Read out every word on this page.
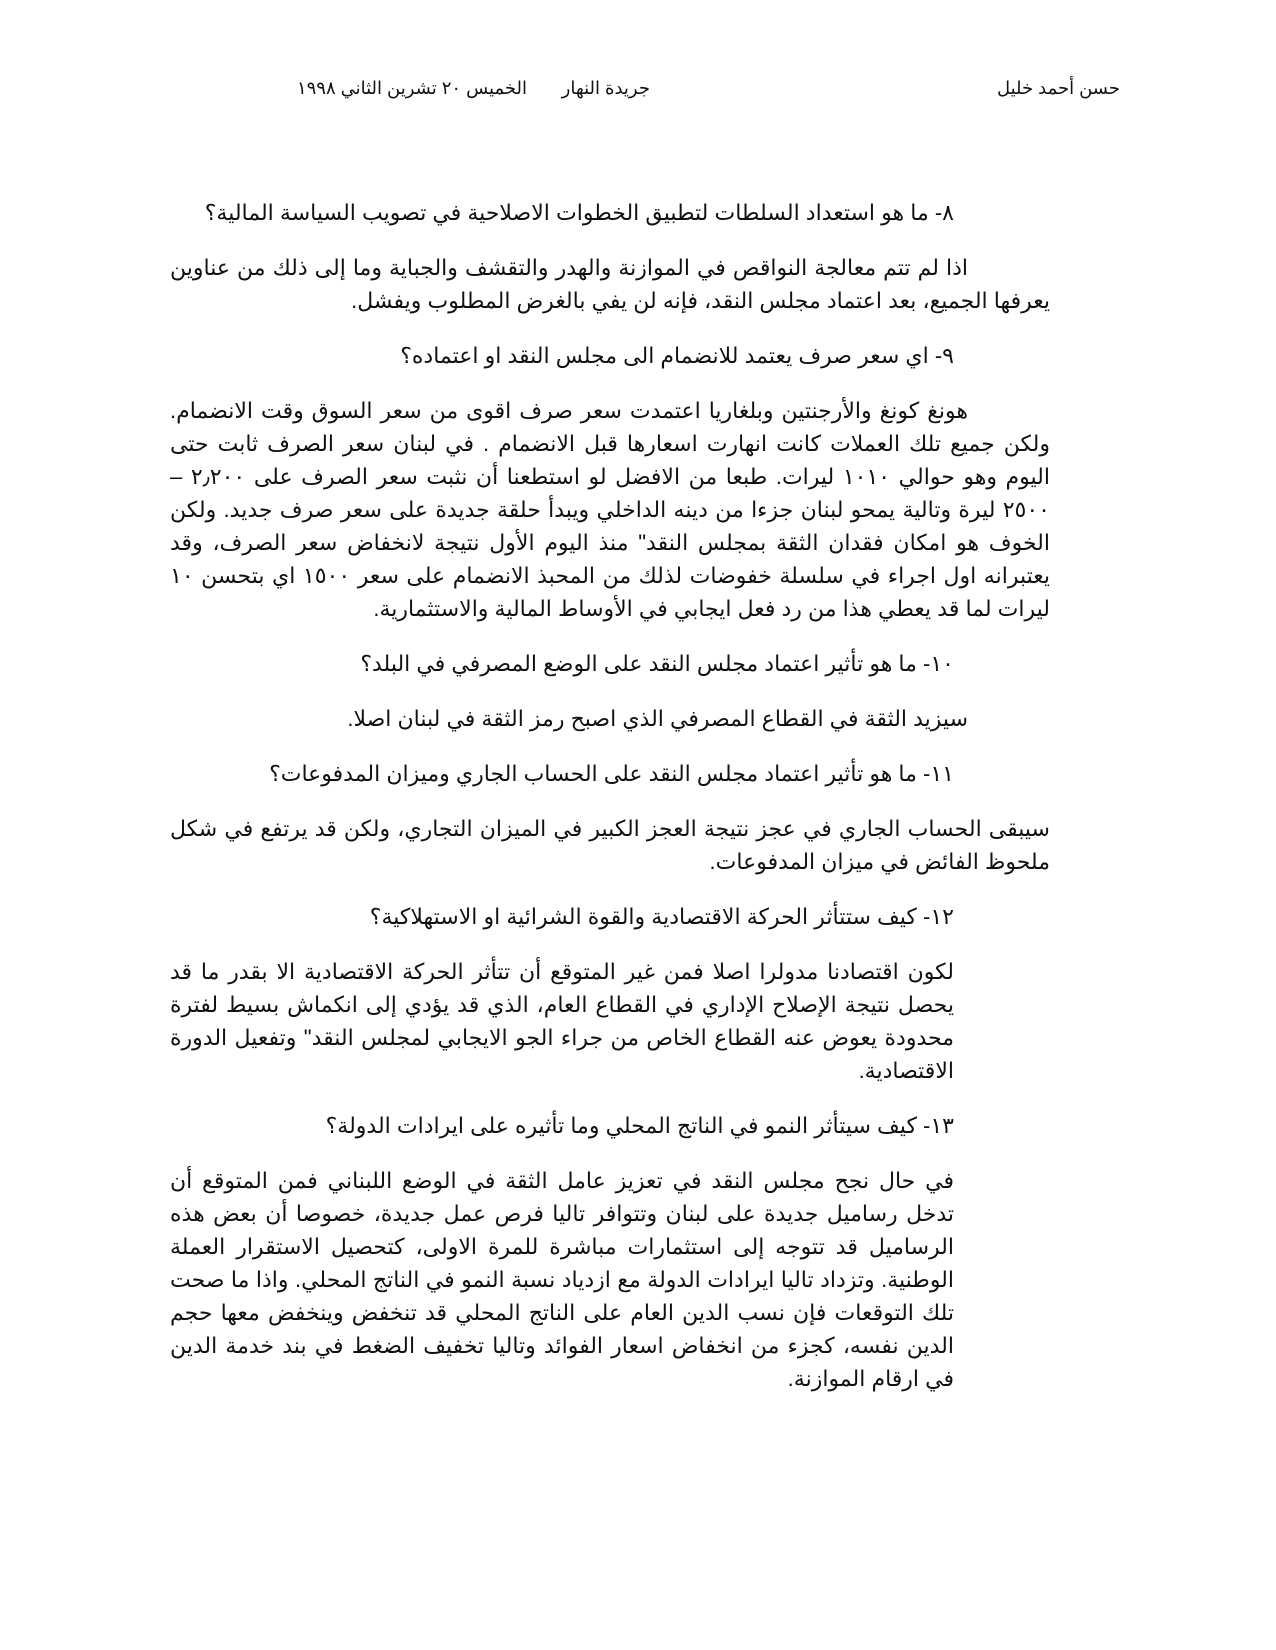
حسن أحمد خليل
جريدة النهار
الخميس ٢٠ تشرين الثاني ١٩٩٨

٨- ما هو استعداد السلطات لتطبيق الخطوات الاصلاحية في تصويب السياسة المالية؟

اذا لم تتم معالجة النواقص في الموازنة والهدر والتقشف والجباية وما إلى ذلك من عناوين يعرفها الجميع، بعد اعتماد مجلس النقد، فإنه لن يفي بالغرض المطلوب ويفشل.

٩- اي سعر صرف يعتمد للانضمام الى مجلس النقد او اعتماده؟

هونغ كونغ والأرجنتين وبلغاريا اعتمدت سعر صرف اقوى من سعر السوق وقت الانضمام. ولكن جميع تلك العملات كانت انهارت اسعارها قبل الانضمام . في لبنان سعر الصرف ثابت حتى اليوم وهو حوالي ١٠١٠ ليرات. طبعا من الافضل لو استطعنا أن نثبت سعر الصرف على ٢٫٢٠٠ – ٢٥٠٠ ليرة وتالية يمحو لبنان جزءا من دينه الداخلي ويبدأ حلقة جديدة على سعر صرف جديد. ولكن الخوف هو امكان فقدان الثقة بمجلس النقد" منذ اليوم الأول نتيجة لانخفاض سعر الصرف، وقد يعتبرانه اول اجراء في سلسلة خفوضات لذلك من المحبذ الانضمام على سعر ١٥٠٠ اي بتحسن ١٠ ليرات لما قد يعطي هذا من رد فعل ايجابي في الأوساط المالية والاستثمارية.

١٠- ما هو تأثير اعتماد مجلس النقد على الوضع المصرفي في البلد؟

سيزيد الثقة في القطاع المصرفي الذي اصبح رمز الثقة في لبنان اصلا.

١١- ما هو تأثير اعتماد مجلس النقد على الحساب الجاري وميزان المدفوعات؟

سيبقى الحساب الجاري في عجز نتيجة العجز الكبير في الميزان التجاري، ولكن قد يرتفع في شكل ملحوظ الفائض في ميزان المدفوعات.

١٢- كيف ستتأثر الحركة الاقتصادية والقوة الشرائية او الاستهلاكية؟

لكون اقتصادنا مدولرا اصلا فمن غير المتوقع أن تتأثر الحركة الاقتصادية الا بقدر ما قد يحصل نتيجة الإصلاح الإداري في القطاع العام، الذي قد يؤدي إلى انكماش بسيط لفترة محدودة يعوض عنه القطاع الخاص من جراء الجو الايجابي لمجلس النقد" وتفعيل الدورة الاقتصادية.

١٣- كيف سيتأثر النمو في الناتج المحلي وما تأثيره على ايرادات الدولة؟

في حال نجح مجلس النقد في تعزيز عامل الثقة في الوضع اللبناني فمن المتوقع أن تدخل رساميل جديدة على لبنان وتتوافر تاليا فرص عمل جديدة، خصوصا أن بعض هذه الرساميل قد تتوجه إلى استثمارات مباشرة للمرة الاولى، كتحصيل الاستقرار العملة الوطنية. وتزداد تاليا ايرادات الدولة مع ازدياد نسبة النمو في الناتج المحلي. واذا ما صحت تلك التوقعات فإن نسب الدين العام على الناتج المحلي قد تنخفض وينخفض معها حجم الدين نفسه، كجزء من انخفاض اسعار الفوائد وتاليا تخفيف الضغط في بند خدمة الدين في ارقام الموازنة.
